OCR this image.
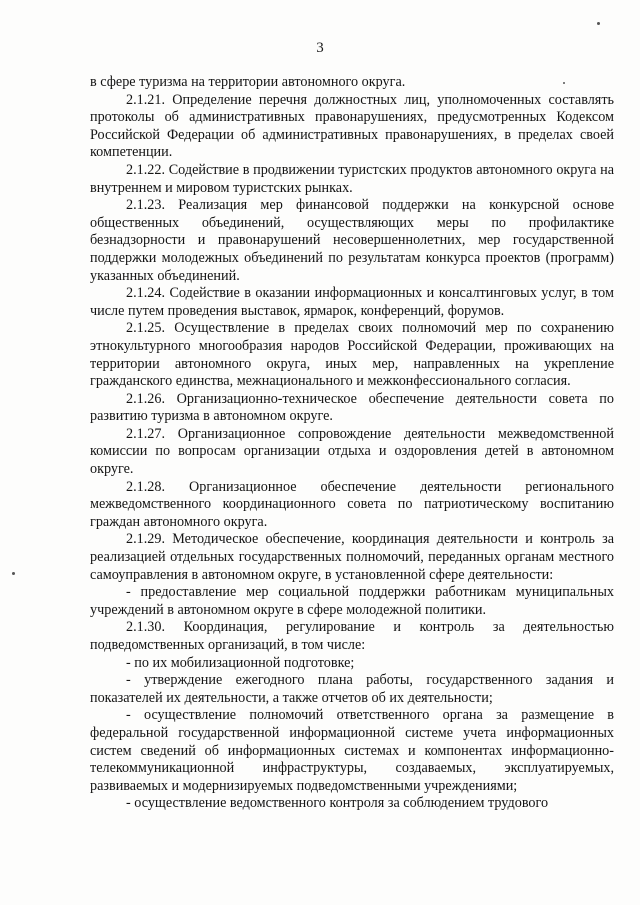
3

в сфере туризма на территории автономного округа.

2.1.21. Определение перечня должностных лиц, уполномоченных составлять протоколы об административных правонарушениях, предусмотренных Кодексом Российской Федерации об административных правонарушениях, в пределах своей компетенции.

2.1.22. Содействие в продвижении туристских продуктов автономного округа на внутреннем и мировом туристских рынках.

2.1.23. Реализация мер финансовой поддержки на конкурсной основе общественных объединений, осуществляющих меры по профилактике безнадзорности и правонарушений несовершеннолетних, мер государственной поддержки молодежных объединений по результатам конкурса проектов (программ) указанных объединений.

2.1.24. Содействие в оказании информационных и консалтинговых услуг, в том числе путем проведения выставок, ярмарок, конференций, форумов.

2.1.25. Осуществление в пределах своих полномочий мер по сохранению этнокультурного многообразия народов Российской Федерации, проживающих на территории автономного округа, иных мер, направленных на укрепление гражданского единства, межнационального и межконфессионального согласия.

2.1.26. Организационно-техническое обеспечение деятельности совета по развитию туризма в автономном округе.

2.1.27. Организационное сопровождение деятельности межведомственной комиссии по вопросам организации отдыха и оздоровления детей в автономном округе.

2.1.28. Организационное обеспечение деятельности регионального межведомственного координационного совета по патриотическому воспитанию граждан автономного округа.

2.1.29. Методическое обеспечение, координация деятельности и контроль за реализацией отдельных государственных полномочий, переданных органам местного самоуправления в автономном округе, в установленной сфере деятельности:

- предоставление мер социальной поддержки работникам муниципальных учреждений в автономном округе в сфере молодежной политики.

2.1.30. Координация, регулирование и контроль за деятельностью подведомственных организаций, в том числе:

- по их мобилизационной подготовке;

- утверждение ежегодного плана работы, государственного задания и показателей их деятельности, а также отчетов об их деятельности;

- осуществление полномочий ответственного органа за размещение в федеральной государственной информационной системе учета информационных систем сведений об информационных системах и компонентах информационно-телекоммуникационной инфраструктуры, создаваемых, эксплуатируемых, развиваемых и модернизируемых подведомственными учреждениями;

- осуществление ведомственного контроля за соблюдением трудового
